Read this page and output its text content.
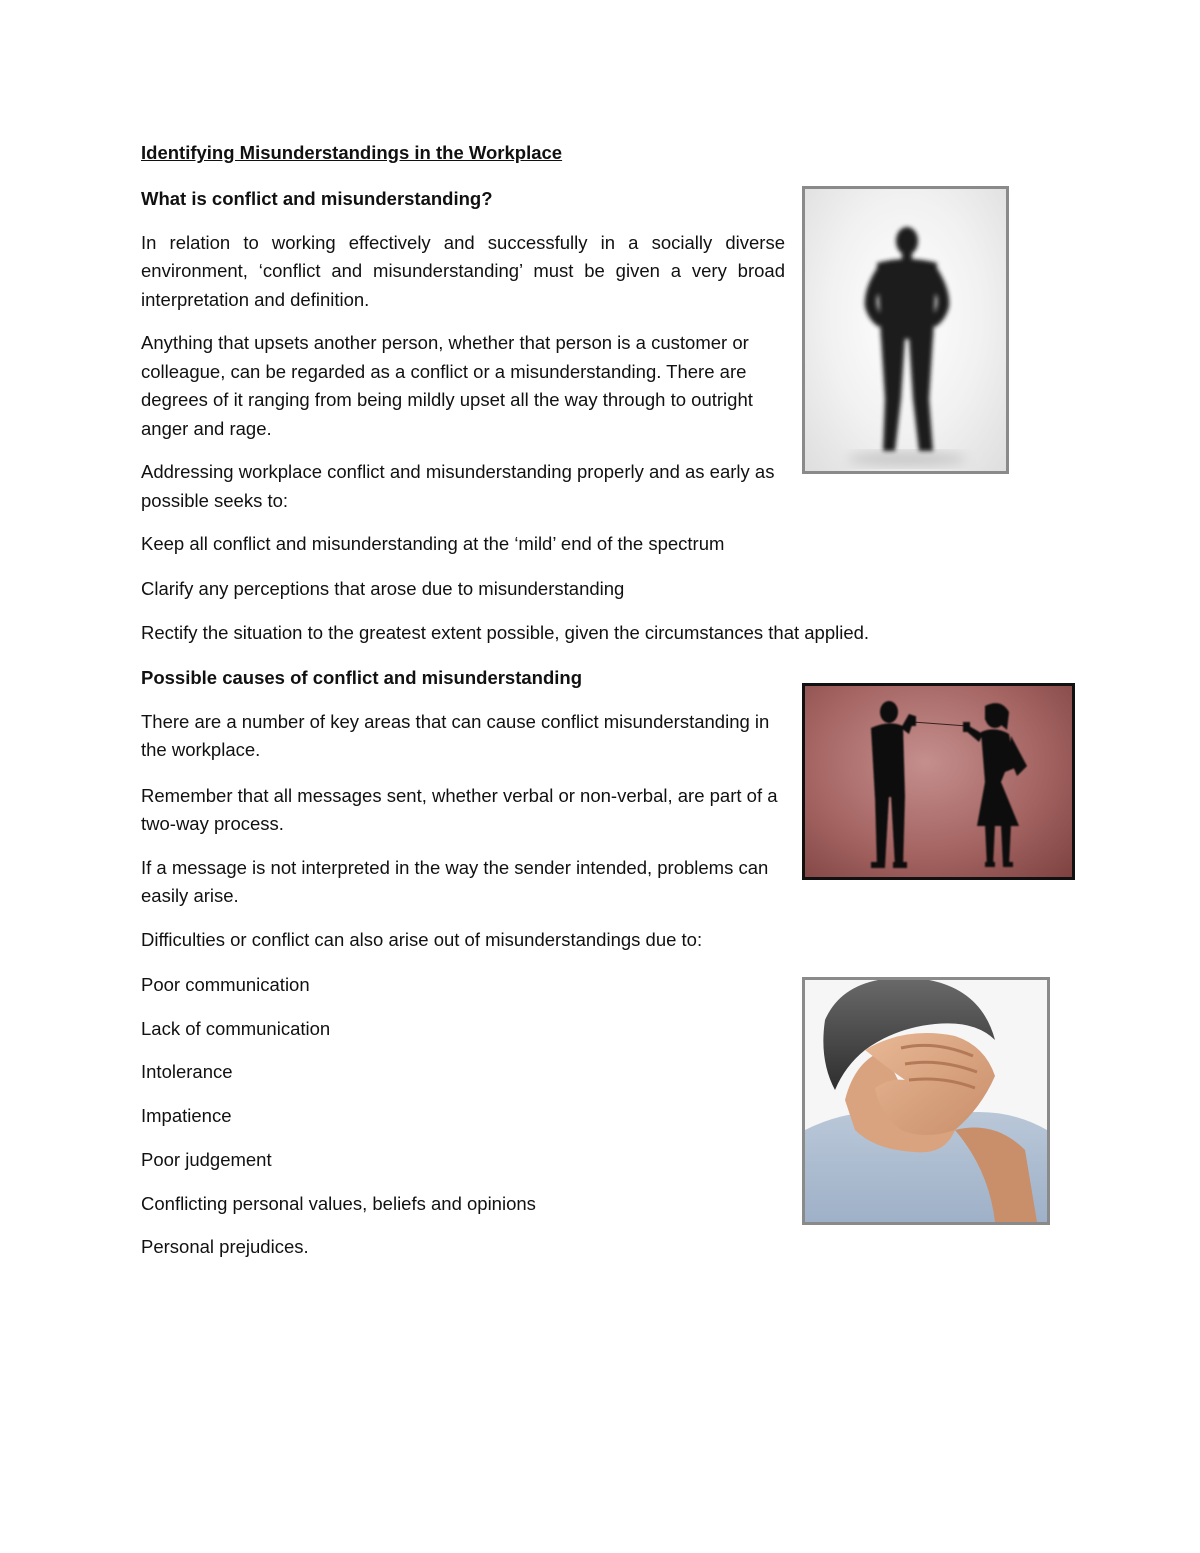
Identifying Misunderstandings in the Workplace

What is conflict and misunderstanding?

In relation to working effectively and successfully in a socially diverse environment, ‘conflict and misunderstanding’ must be given a very broad interpretation and definition.

Anything that upsets another person, whether that person is a customer or colleague, can be regarded as a conflict or a misunderstanding. There are degrees of it ranging from being mildly upset all the way through to outright anger and rage.

Addressing workplace conflict and misunderstanding properly and as early as possible seeks to:

Keep all conflict and misunderstanding at the ‘mild’ end of the spectrum

Clarify any perceptions that arose due to misunderstanding

Rectify the situation to the greatest extent possible, given the circumstances that applied.

Possible causes of conflict and misunderstanding

There are a number of key areas that can cause conflict misunderstanding in the workplace.

Remember that all messages sent, whether verbal or non-verbal, are part of a two-way process.

If a message is not interpreted in the way the sender intended, problems can easily arise.

Difficulties or conflict can also arise out of misunderstandings due to:

Poor communication

Lack of communication

Intolerance

Impatience

Poor judgement

Conflicting personal values, beliefs and opinions

Personal prejudices.
